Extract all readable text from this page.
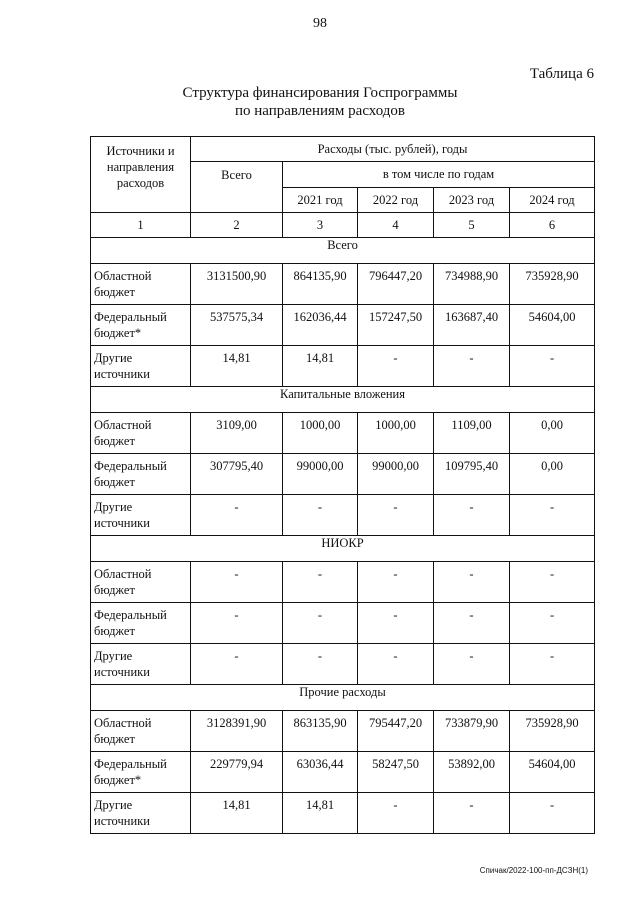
98
Таблица 6
Структура финансирования Госпрограммы
по направлениям расходов
Источники и направления расходов	Расходы (тыс. рублей), годы				
	Всего	в том числе по годам			
		2021 год	2022 год	2023 год	2024 год
1	2	3	4	5	6
Всего					
Областной бюджет	3131500,90	864135,90	796447,20	734988,90	735928,90
Федеральный бюджет*	537575,34	162036,44	157247,50	163687,40	54604,00
Другие источники	14,81	14,81	-	-	-
Капитальные вложения					
Областной бюджет	3109,00	1000,00	1000,00	1109,00	0,00
Федеральный бюджет	307795,40	99000,00	99000,00	109795,40	0,00
Другие источники	-	-	-	-	-
НИОКР					
Областной бюджет	-	-	-	-	-
Федеральный бюджет	-	-	-	-	-
Другие источники	-	-	-	-	-
Прочие расходы					
Областной бюджет	3128391,90	863135,90	795447,20	733879,90	735928,90
Федеральный бюджет*	229779,94	63036,44	58247,50	53892,00	54604,00
Другие источники	14,81	14,81	-	-	-
Спичак/2022-100-пп-ДСЗН(1)
